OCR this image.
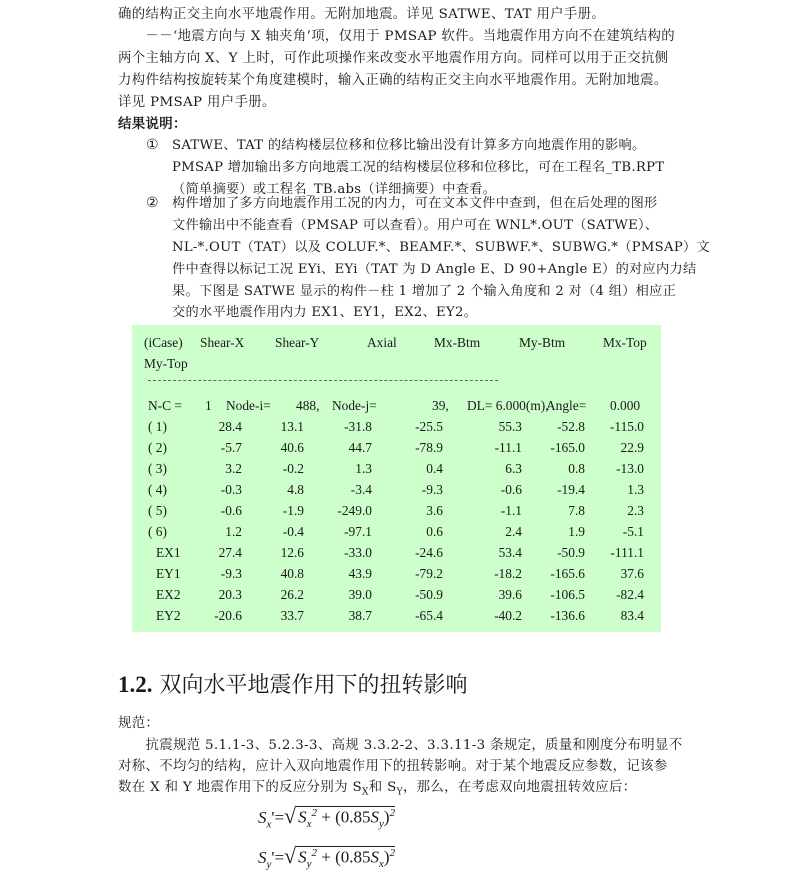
确的结构正交主向水平地震作用。无附加地震。详见 SATWE、TAT 用户手册。
　　－－‘地震方向与 X 轴夹角’项，仅用于 PMSAP 软件。当地震作用方向不在建筑结构的
两个主轴方向 X、Y 上时，可作此项操作来改变水平地震作用方向。同样可以用于正交抗侧
力构件结构按旋转某个角度建模时，输入正确的结构正交主向水平地震作用。无附加地震。
详见 PMSAP 用户手册。
结果说明：
① SATWE、TAT 的结构楼层位移和位移比输出没有计算多方向地震作用的影响。
PMSAP 增加输出多方向地震工况的结构楼层位移和位移比，可在工程名_TB.RPT
（简单摘要）或工程名_TB.abs（详细摘要）中查看。
② 构件增加了多方向地震作用工况的内力，可在文本文件中查到，但在后处理的图形
文件输出中不能查看（PMSAP 可以查看）。用户可在 WNL*.OUT（SATWE）、
NL-*.OUT（TAT）以及 COLUF.*、BEAMF.*、SUBWF.*、SUBWG.*（PMSAP）文
件中查得以标记工况 EYi、EYi（TAT 为 D Angle E、D 90+Angle E）的对应内力结
果。下图是 SATWE 显示的构件－柱 1 增加了 2 个输入角度和 2 对（4 组）相应正
交的水平地震作用内力 EX1、EY1，EX2、EY2。
(iCase) Shear-X Shear-Y	Axial	Mx-Btm	My-Btm	Mx-Top
My-Top
N-C = 1 Node-i= 488, Node-j=	39, DL= 6.000(m),
Angle= 0.000
( 1)	28.4	13.1	-31.8	-25.5	55.3	-52.8	-115.0
( 2)	-5.7	40.6	44.7	-78.9	-11.1	-165.0	22.9
( 3)	3.2	-0.2	1.3	0.4	6.3	0.8	-13.0
( 4)	-0.3	4.8	-3.4	-9.3	-0.6	-19.4	1.3
( 5)	-0.6	-1.9	-249.0	3.6	-1.1	7.8	2.3
( 6)	1.2	-0.4	-97.1	0.6	2.4	1.9	-5.1
EX1	27.4	12.6	-33.0	-24.6	53.4	-50.9	-111.1
EY1	-9.3	40.8	43.9	-79.2	-18.2	-165.6	37.6
EX2	20.3	26.2	39.0	-50.9	39.6	-106.5	-82.4
EY2	-20.6	33.7	38.7	-65.4	-40.2	-136.6	83.4
1.2. 双向水平地震作用下的扭转影响
规范：
　　抗震规范 5.1.1-3、5.2.3-3、高规 3.3.2-2、3.3.11-3 条规定，质量和刚度分布明显不
对称、不均匀的结构，应计入双向地震作用下的扭转影响。对于某个地震反应参数，记该参
数在 X 和 Y 地震作用下的反应分别为 $S_X$和 $S_Y$，那么，在考虑双向地震扭转效应后：
$S_x'=√$ $S_x^2 + (0.85S_y)^2$
$S_y'=√$ $S_y^2 + (0.85S_x)^2$
